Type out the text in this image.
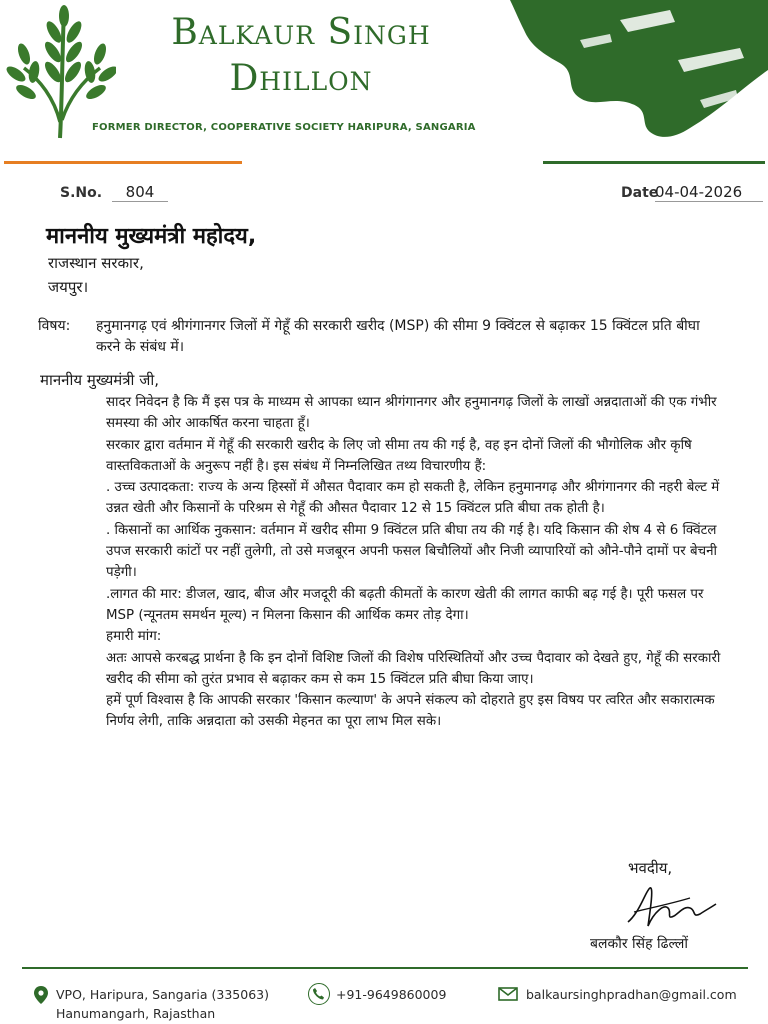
Balkaur Singh
Dhillon
FORMER DIRECTOR, COOPERATIVE SOCIETY HARIPURA, SANGARIA
S.No.	804	Date
04-04-2026
माननीय मुख्यमंत्री महोदय,
राजस्थान सरकार,
जयपुर।
विषय: हनुमानगढ़ एवं श्रीगंगानगर जिलों में गेहूँ की सरकारी खरीद (MSP) की सीमा 9 क्विंटल से बढ़ाकर 15 क्विंटल प्रति बीघा करने के संबंध में।
माननीय मुख्यमंत्री जी,

सादर निवेदन है कि मैं इस पत्र के माध्यम से आपका ध्यान श्रीगंगानगर और हनुमानगढ़ जिलों के लाखों अन्नदाताओं की एक गंभीर समस्या की ओर आकर्षित करना चाहता हूँ।

सरकार द्वारा वर्तमान में गेहूँ की सरकारी खरीद के लिए जो सीमा तय की गई है, वह इन दोनों जिलों की भौगोलिक और कृषि वास्तविकताओं के अनुरूप नहीं है। इस संबंध में निम्नलिखित तथ्य विचारणीय हैं:

. उच्च उत्पादकता: राज्य के अन्य हिस्सों में औसत पैदावार कम हो सकती है, लेकिन हनुमानगढ़ और श्रीगंगानगर की नहरी बेल्ट में उन्नत खेती और किसानों के परिश्रम से गेहूँ की औसत पैदावार 12 से 15 क्विंटल प्रति बीघा तक होती है।

. किसानों का आर्थिक नुकसान: वर्तमान में खरीद सीमा 9 क्विंटल प्रति बीघा तय की गई है। यदि किसान की शेष 4 से 6 क्विंटल उपज सरकारी कांटों पर नहीं तुलेगी, तो उसे मजबूरन अपनी फसल बिचौलियों और निजी व्यापारियों को औने-पौने दामों पर बेचनी पड़ेगी।

.लागत की मार: डीजल, खाद, बीज और मजदूरी की बढ़ती कीमतों के कारण खेती की लागत काफी बढ़ गई है। पूरी फसल पर MSP (न्यूनतम समर्थन मूल्य) न मिलना किसान की आर्थिक कमर तोड़ देगा।

हमारी मांग:

अतः आपसे करबद्ध प्रार्थना है कि इन दोनों विशिष्ट जिलों की विशेष परिस्थितियों और उच्च पैदावार को देखते हुए, गेहूँ की सरकारी खरीद की सीमा को तुरंत प्रभाव से बढ़ाकर कम से कम 15 क्विंटल प्रति बीघा किया जाए।

हमें पूर्ण विश्वास है कि आपकी सरकार 'किसान कल्याण' के अपने संकल्प को दोहराते हुए इस विषय पर त्वरित और सकारात्मक निर्णय लेगी, ताकि अन्नदाता को उसकी मेहनत का पूरा लाभ मिल सके।

भवदीय,
बलकौर सिंह ढिल्लों
VPO, Haripura, Sangaria (335063)
Hanumangarh, Rajasthan
+91-9649860009	balkaursinghpradhan@gmail.com
